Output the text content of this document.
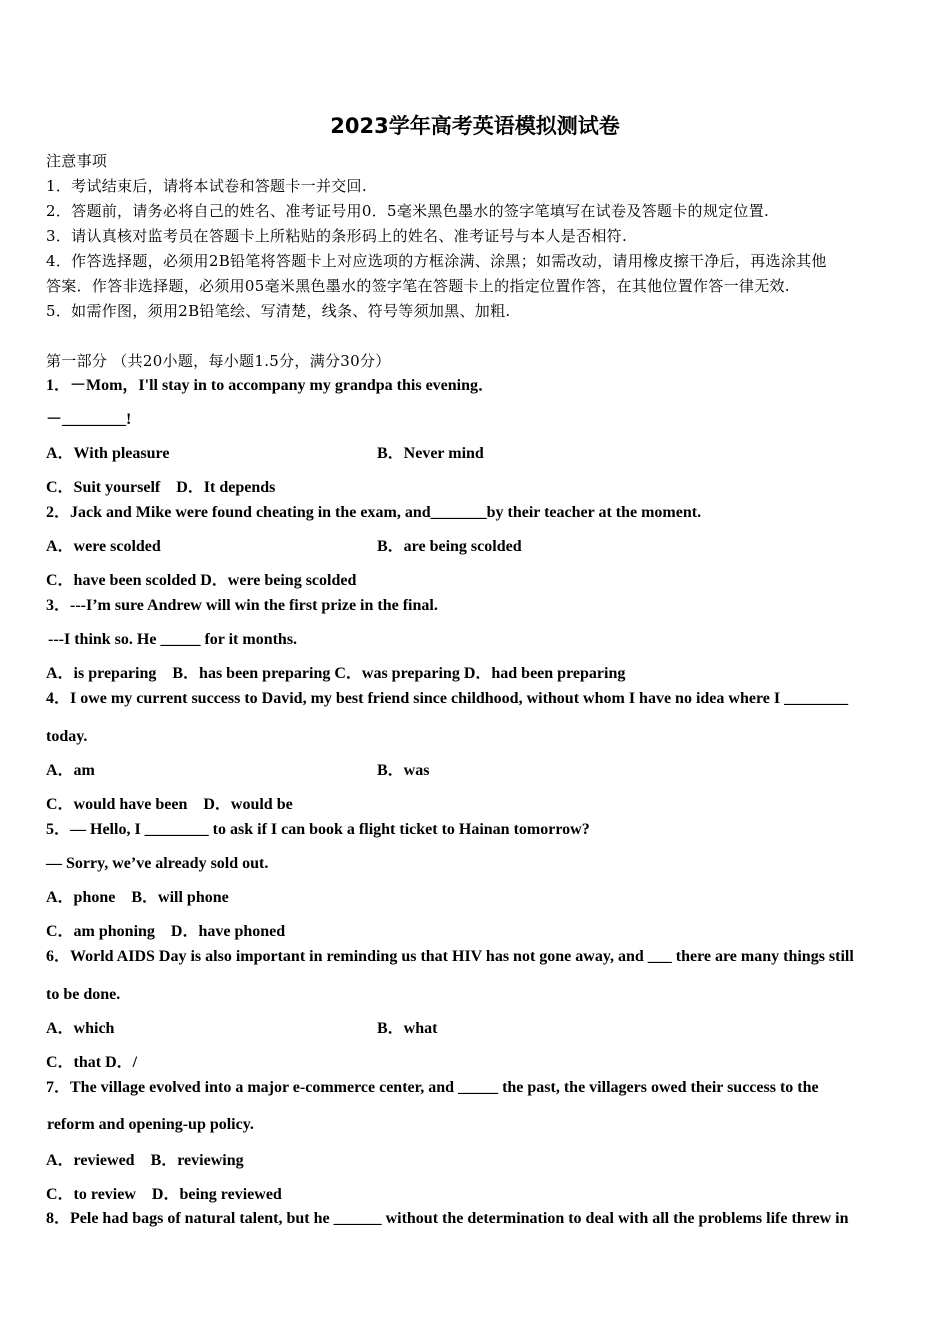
2023学年高考英语模拟测试卷
注意事项
1．考试结束后，请将本试卷和答题卡一并交回.
2．答题前，请务必将自己的姓名、准考证号用0．5毫米黑色墨水的签字笔填写在试卷及答题卡的规定位置.
3．请认真核对监考员在答题卡上所粘贴的条形码上的姓名、准考证号与本人是否相符.
4．作答选择题，必须用2B铅笔将答题卡上对应选项的方框涂满、涂黑；如需改动，请用橡皮擦干净后，再选涂其他
答案．作答非选择题，必须用05毫米黑色墨水的签字笔在答题卡上的指定位置作答，在其他位置作答一律无效.
5．如需作图，须用2B铅笔绘、写清楚，线条、符号等须加黑、加粗.
第一部分 （共20小题，每小题1.5分，满分30分）
1．－Mom，I'll stay in to accompany my grandpa this evening．
－________!
A．With pleasure	B．Never mind
C．Suit yourself　D．It depends
2．Jack and Mike were found cheating in the exam, and_______by their teacher at the moment.
A．were scolded	B．are being scolded
C．have been scolded D．were being scolded
3．---I’m sure Andrew will win the first prize in the final.
---I think so. He _____ for it months.
A．is preparing　B．has been preparing C．was preparing D．had been preparing
4．I owe my current success to David, my best friend since childhood, without whom I have no idea where I ________
today.
A．am	B．was
C．would have been　D．would be
5．— Hello, I ________ to ask if I can book a flight ticket to Hainan tomorrow?
— Sorry, we’ve already sold out.
A．phone　B．will phone
C．am phoning　D．have phoned
6．World AIDS Day is also important in reminding us that HIV has not gone away, and ___ there are many things still
to be done.
A．which	B．what
C．that D．/
7．The village evolved into a major e-commerce center, and _____ the past, the villagers owed their success to the
reform and opening-up policy.
A．reviewed　B．reviewing
C．to review　D．being reviewed
8．Pele had bags of natural talent, but he ______ without the determination to deal with all the problems life threw in
